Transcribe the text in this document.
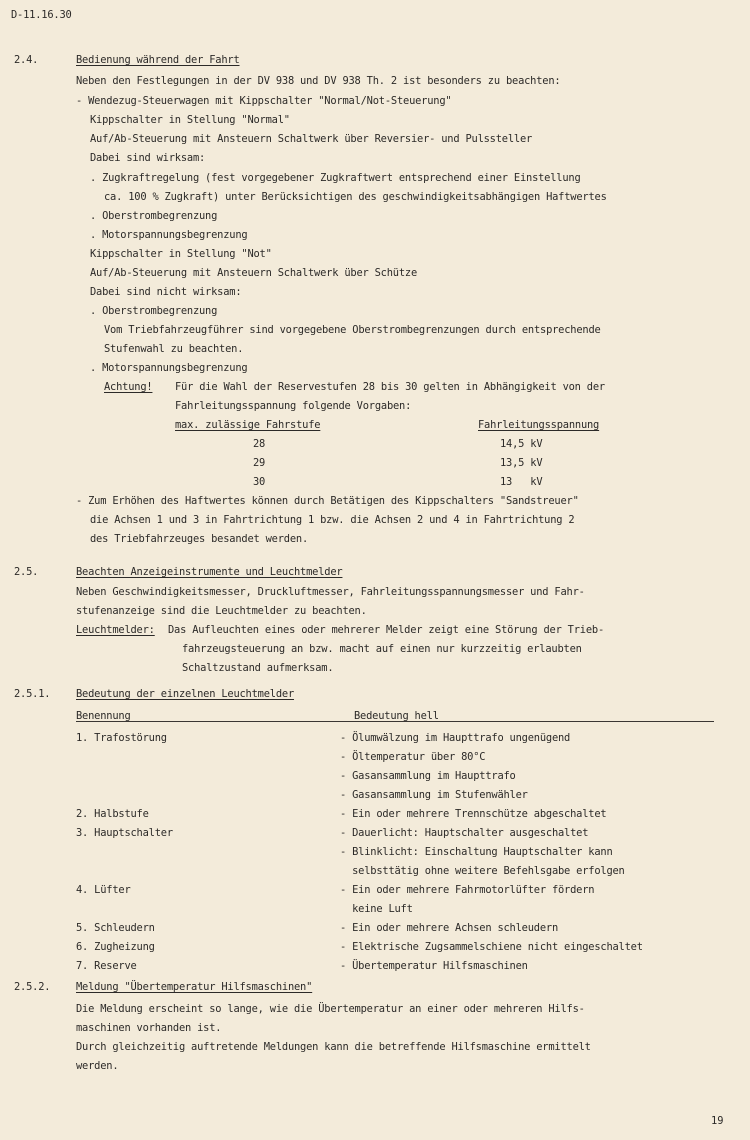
D-11.16.30
2.4.	Bedienung während der Fahrt
Neben den Festlegungen in der DV 938 und DV 938 Th. 2 ist besonders zu beachten:
- Wendezug-Steuerwagen mit Kippschalter "Normal/Not-Steuerung"
Kippschalter in Stellung "Normal"
Auf/Ab-Steuerung mit Ansteuern Schaltwerk über Reversier- und Pulssteller
Dabei sind wirksam:
. Zugkraftregelung (fest vorgegebener Zugkraftwert entsprechend einer Einstellung
ca. 100 % Zugkraft) unter Berücksichtigen des geschwindigkeitsabhängigen Haftwertes
. Oberstrombegrenzung
. Motorspannungsbegrenzung
Kippschalter in Stellung "Not"
Auf/Ab-Steuerung mit Ansteuern Schaltwerk über Schütze
Dabei sind nicht wirksam:
. Oberstrombegrenzung
Vom Triebfahrzeugführer sind vorgegebene Oberstrombegrenzungen durch entsprechende
Stufenwahl zu beachten.
. Motorspannungsbegrenzung
Achtung! Für die Wahl der Reservestufen 28 bis 30 gelten in Abhängigkeit von der
Fahrleitungsspannung folgende Vorgaben:
max. zulässige Fahrstufe	Fahrleitungsspannung
28	14,5 kV
29	13,5 kV
30	13   kV
- Zum Erhöhen des Haftwertes können durch Betätigen des Kippschalters "Sandstreuer"
die Achsen 1 und 3 in Fahrtrichtung 1 bzw. die Achsen 2 und 4 in Fahrtrichtung 2
des Triebfahrzeuges besandet werden.
2.5.	Beachten Anzeigeinstrumente und Leuchtmelder
Neben Geschwindigkeitsmesser, Druckluftmesser, Fahrleitungsspannungsmesser und Fahr-
stufenanzeige sind die Leuchtmelder zu beachten.
Leuchtmelder: Das Aufleuchten eines oder mehrerer Melder zeigt eine Störung der Trieb-
fahrzeugsteuerung an bzw. macht auf einen nur kurzzeitig erlaubten
Schaltzustand aufmerksam.
2.5.1. Bedeutung der einzelnen Leuchtmelder
Benennung	Bedeutung hell
1. Trafostörung	- Ölumwälzung im Haupttrafo ungenügend
- Öltemperatur über 80°C
- Gasansammlung im Haupttrafo
- Gasansammlung im Stufenwähler
2. Halbstufe	- Ein oder mehrere Trennschütze abgeschaltet
3. Hauptschalter	- Dauerlicht: Hauptschalter ausgeschaltet
- Blinklicht: Einschaltung Hauptschalter kann
selbsttätig ohne weitere Befehlsgabe erfolgen
4. Lüfter	- Ein oder mehrere Fahrmotorlüfter fördern
keine Luft
5. Schleudern	- Ein oder mehrere Achsen schleudern
6. Zugheizung	- Elektrische Zugsammelschiene nicht eingeschaltet
7. Reserve	- Übertemperatur Hilfsmaschinen
2.5.2. Meldung "Übertemperatur Hilfsmaschinen"
Die Meldung erscheint so lange, wie die Übertemperatur an einer oder mehreren Hilfs-
maschinen vorhanden ist.
Durch gleichzeitig auftretende Meldungen kann die betreffende Hilfsmaschine ermittelt
werden.
19
